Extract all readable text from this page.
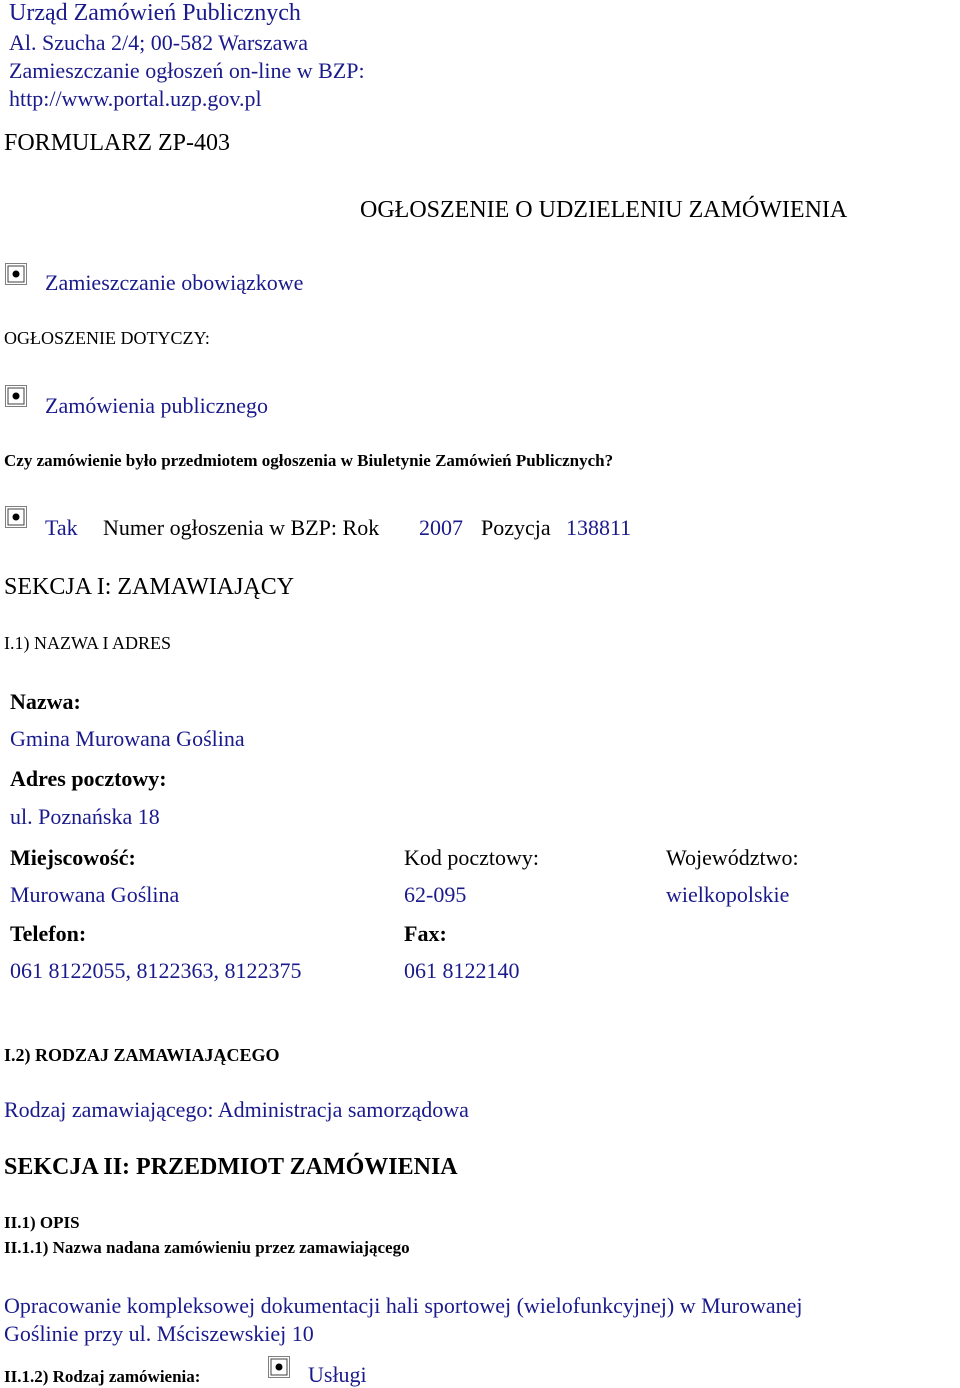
Urząd Zamówień Publicznych
Al. Szucha 2/4; 00-582 Warszawa
Zamieszczanie ogłoszeń on-line w BZP:
http://www.portal.uzp.gov.pl
FORMULARZ ZP-403
OGŁOSZENIE O UDZIELENIU ZAMÓWIENIA
Zamieszczanie obowiązkowe
OGŁOSZENIE DOTYCZY:
Zamówienia publicznego
Czy zamówienie było przedmiotem ogłoszenia w Biuletynie Zamówień Publicznych?
Tak Numer ogłoszenia w BZP: Rok 2007 Pozycja 138811
SEKCJA I: ZAMAWIAJĄCY
I.1) NAZWA I ADRES
Nazwa:
Gmina Murowana Goślina
Adres pocztowy:
ul. Poznańska 18
Miejscowość:	Kod pocztowy:	Województwo:
Murowana Goślina	62-095	wielkopolskie
Telefon:	Fax:
061 8122055, 8122363, 8122375	061 8122140
I.2) RODZAJ ZAMAWIAJĄCEGO
Rodzaj zamawiającego: Administracja samorządowa
SEKCJA II: PRZEDMIOT ZAMÓWIENIA
II.1) OPIS
II.1.1) Nazwa nadana zamówieniu przez zamawiającego
Opracowanie kompleksowej dokumentacji hali sportowej (wielofunkcyjnej) w Murowanej
Goślinie przy ul. Mściszewskiej 10
II.1.2) Rodzaj zamówienia:	Usługi
